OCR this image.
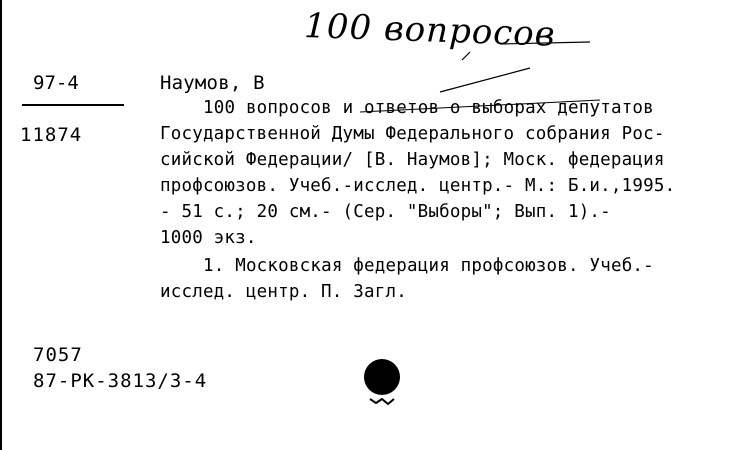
100 вопросов
97-4
11874
Наумов, В
100 вопросов и ответов о выборах депутатов
Государственной Думы Федерального собрания Рос-
сийской Федерации/ [В. Наумов]; Моск. федерация
профсоюзов. Учеб.-исслед. центр.- М.: Б.и.,1995.
- 51 с.; 20 см.- (Сер. "Выборы"; Вып. 1).-
1000 экз.
1. Московская федерация профсоюзов. Учеб.-
исслед. центр. П. Загл.
7057
87-РК-3813/3-4
